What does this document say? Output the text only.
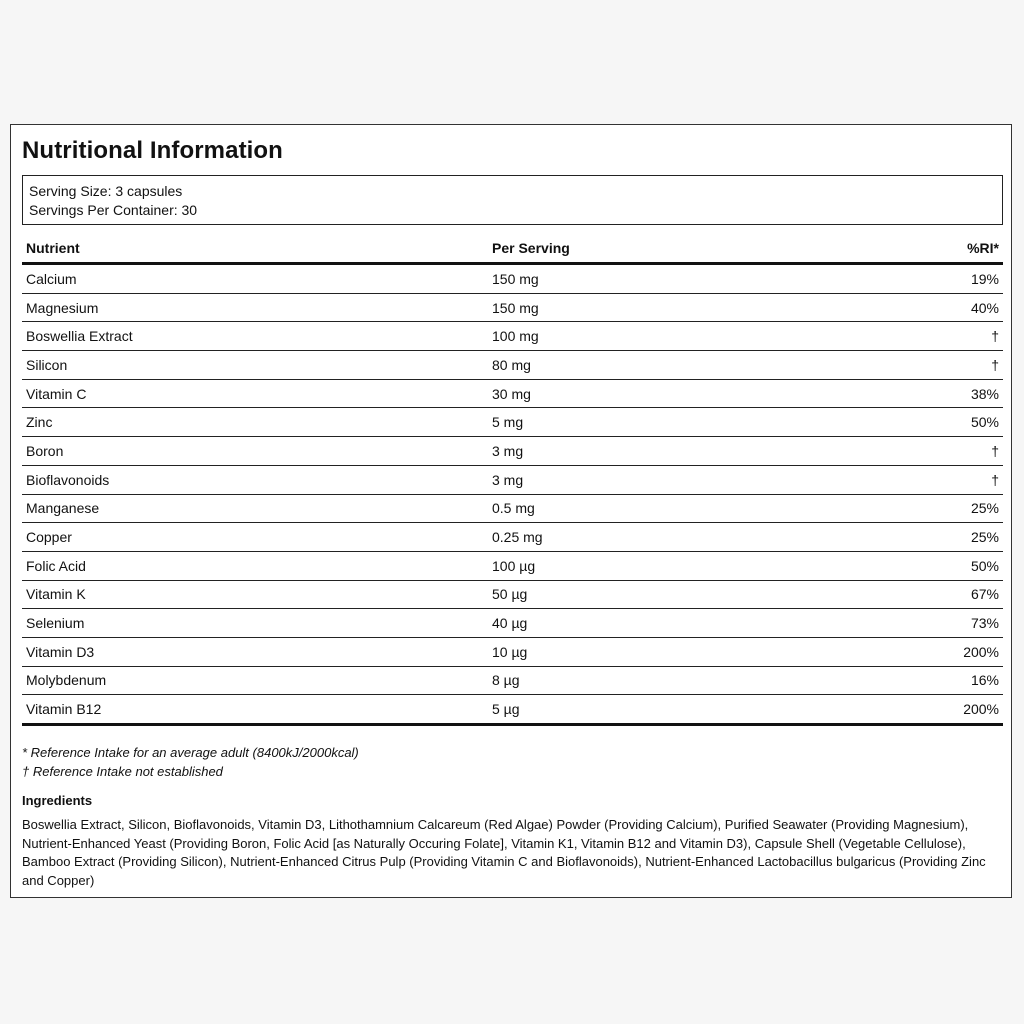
Nutritional Information
Serving Size: 3 capsules
Servings Per Container: 30
Nutrient	Per Serving	%RI*
Calcium	150 mg	19%
Magnesium	150 mg	40%
Boswellia Extract	100 mg	†
Silicon	80 mg	†
Vitamin C	30 mg	38%
Zinc	5 mg	50%
Boron	3 mg	†
Bioflavonoids	3 mg	†
Manganese	0.5 mg	25%
Copper	0.25 mg	25%
Folic Acid	100 µg	50%
Vitamin K	50 µg	67%
Selenium	40 µg	73%
Vitamin D3	10 µg	200%
Molybdenum	8 µg	16%
Vitamin B12	5 µg	200%
* Reference Intake for an average adult (8400kJ/2000kcal)
† Reference Intake not established
Ingredients
Boswellia Extract, Silicon, Bioflavonoids, Vitamin D3, Lithothamnium Calcareum (Red Algae) Powder (Providing Calcium), Purified Seawater (Providing Magnesium), Nutrient-Enhanced Yeast (Providing Boron, Folic Acid [as Naturally Occuring Folate], Vitamin K1, Vitamin B12 and Vitamin D3), Capsule Shell (Vegetable Cellulose), Bamboo Extract (Providing Silicon), Nutrient-Enhanced Citrus Pulp (Providing Vitamin C and Bioflavonoids), Nutrient-Enhanced Lactobacillus bulgaricus (Providing Zinc and Copper)
